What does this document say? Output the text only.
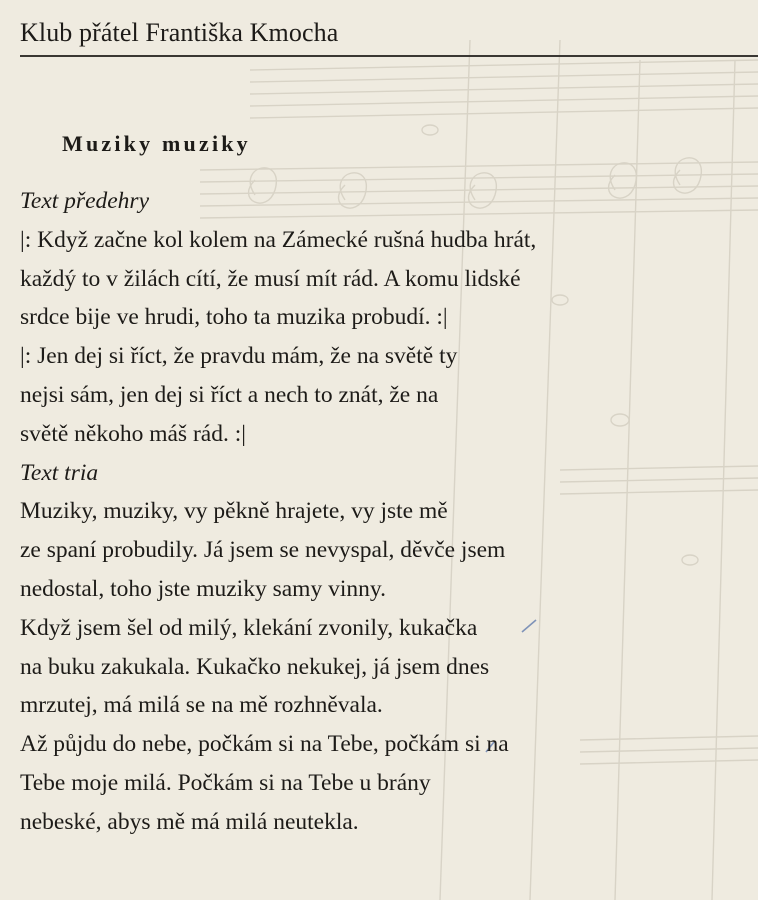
Klub přátel Františka Kmocha
Muziky muziky
Text předehry
|: Když začne kol kolem na Zámecké rušná hudba hrát,
každý to v žilách cítí, že musí mít rád. A komu lidské
srdce bije ve hrudi, toho ta muzika probudí. :|
|: Jen dej si říct, že pravdu mám, že na světě ty
nejsi sám, jen dej si říct a nech to znát, že na
světě někoho máš rád. :|
Text tria
Muziky, muziky, vy pěkně hrajete, vy jste mě
ze spaní probudily. Já jsem se nevyspal, děvče jsem
nedostal, toho jste muziky samy vinny.
Když jsem šel od milý, klekání zvonily, kukačka
na buku zakukala. Kukačko nekukej, já jsem dnes
mrzutej, má milá se na mě rozhněvala.
Až půjdu do nebe, počkám si na Tebe, počkám si na
Tebe moje milá. Počkám si na Tebe u brány
nebeské, abys mě má milá neutekla.
